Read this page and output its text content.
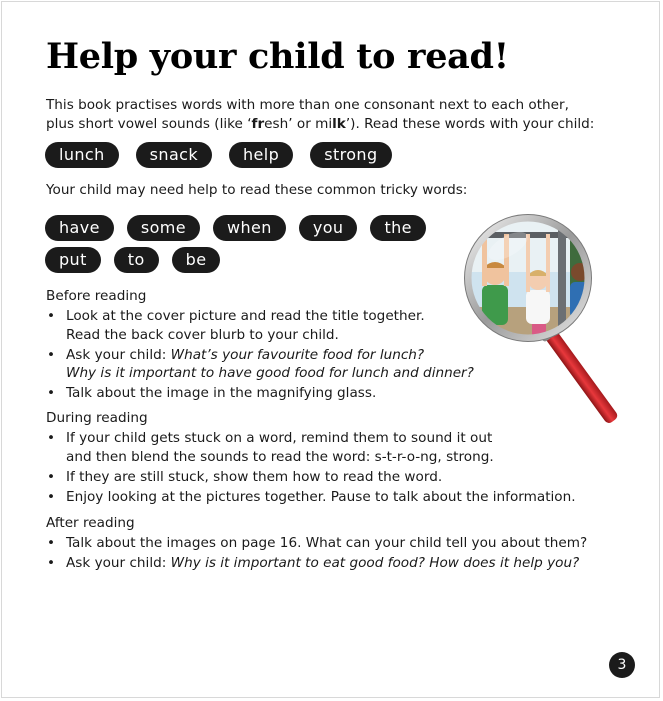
Help your child to read!
This book practises words with more than one consonant next to each other,
plus short vowel sounds (like ‘fresh’ or milk’). Read these words with your child:
lunch	snack	help	strong
Your child may need help to read these common tricky words:
have	some	when	you	the
put	to	be
Before reading
• Look at the cover picture and read the title together.
Read the back cover blurb to your child.
• Ask your child: What’s your favourite food for lunch?
Why is it important to have good food for lunch and dinner?
• Talk about the image in the magnifying glass.
During reading
• If your child gets stuck on a word, remind them to sound it out
and then blend the sounds to read the word: s-t-r-o-ng, strong.
• If they are still stuck, show them how to read the word.
• Enjoy looking at the pictures together. Pause to talk about the information.
After reading
• Talk about the images on page 16. What can your child tell you about them?
• Ask your child: Why is it important to eat good food? How does it help you?
3
